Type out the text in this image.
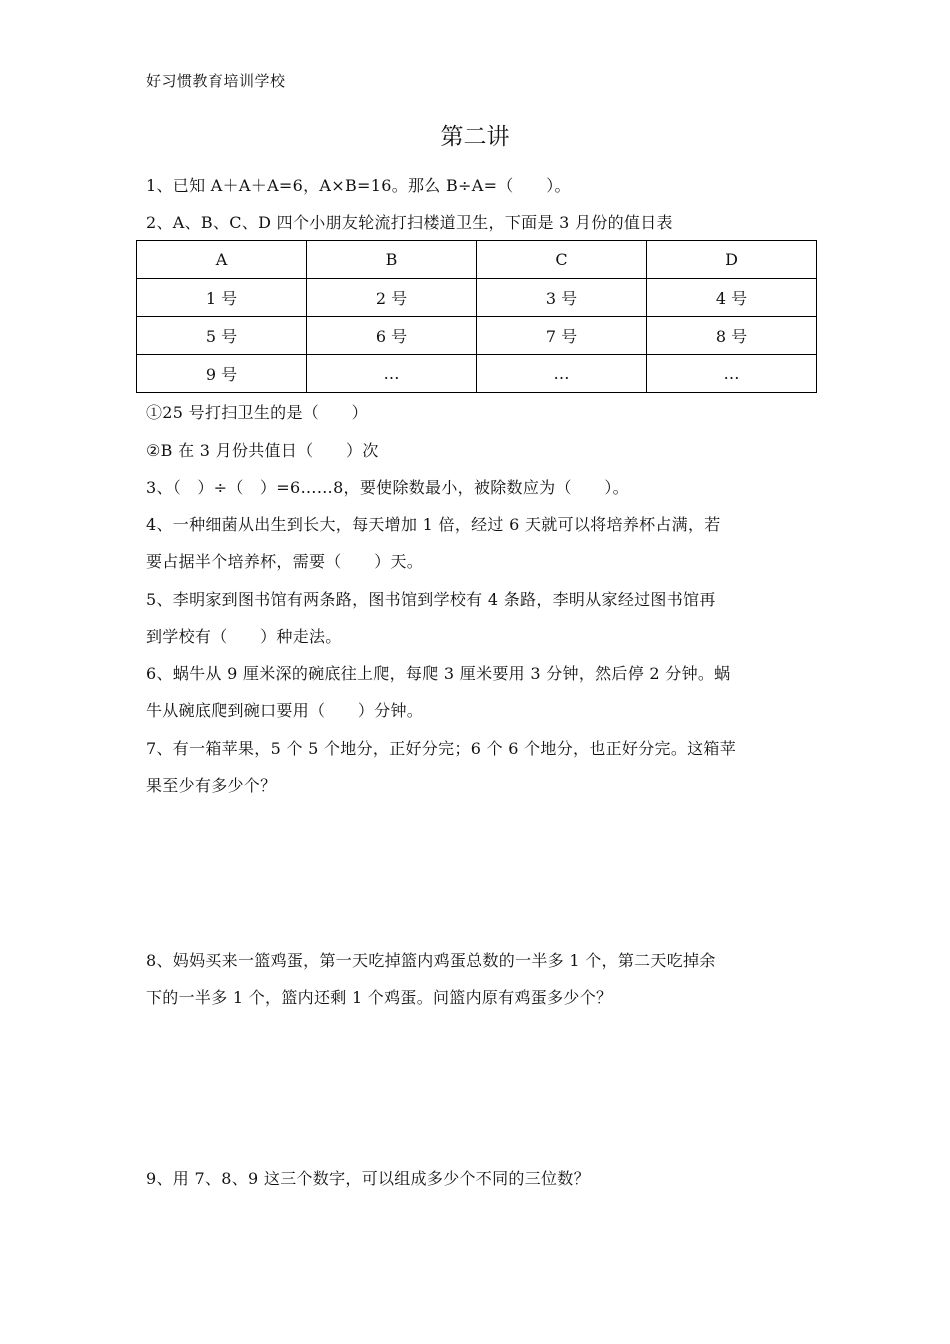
好习惯教育培训学校
第二讲
1、已知 A＋A＋A=6，A×B=16。那么 B÷A=（　　）。
2、A、B、C、D 四个小朋友轮流打扫楼道卫生，下面是 3 月份的值日表
A	B	C	D
1 号	2 号	3 号	4 号
5 号	6 号	7 号	8 号
9 号	…	…	…
①25 号打扫卫生的是（　　）
②B 在 3 月份共值日（　　）次
3、（　）÷（　）=6……8，要使除数最小，被除数应为（　　）。
4、一种细菌从出生到长大，每天增加 1 倍，经过 6 天就可以将培养杯占满，若
要占据半个培养杯，需要（　　）天。
5、李明家到图书馆有两条路，图书馆到学校有 4 条路，李明从家经过图书馆再
到学校有（　　）种走法。
6、蜗牛从 9 厘米深的碗底往上爬，每爬 3 厘米要用 3 分钟，然后停 2 分钟。蜗
牛从碗底爬到碗口要用（　　）分钟。
7、有一箱苹果，5 个 5 个地分，正好分完；6 个 6 个地分，也正好分完。这箱苹
果至少有多少个？
8、妈妈买来一篮鸡蛋，第一天吃掉篮内鸡蛋总数的一半多 1 个，第二天吃掉余
下的一半多 1 个，篮内还剩 1 个鸡蛋。问篮内原有鸡蛋多少个？
9、用 7、8、9 这三个数字，可以组成多少个不同的三位数？
